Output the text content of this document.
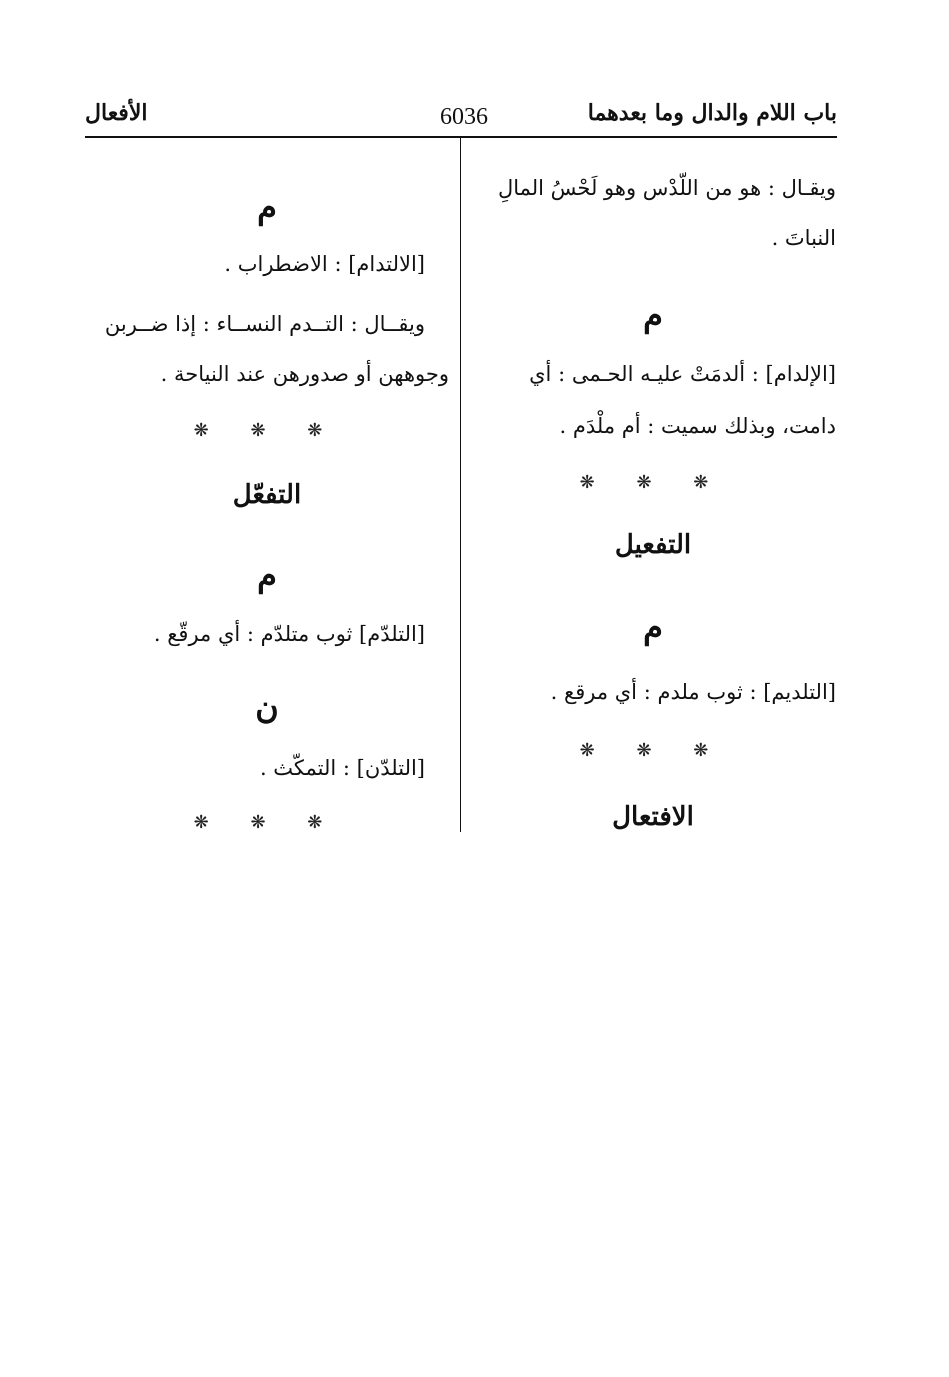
باب اللام والدال وما بعدهما
6036
الأفعال
ويقـال : هو من اللّدْس وهو لَحْسُ المالِ
النباتَ .
م
[الإلدام] : ألدمَتْ عليـه الحـمى : أي
دامت، وبذلك سميت : أم ملْدَم .
❋ ❋ ❋
التفعيل
م
[التلديم] : ثوب ملدم : أي مرقع .
❋ ❋ ❋
الافتعال
م
[الالتدام] : الاضطراب .
ويقــال : التــدم النســاء : إذا ضــربن
وجوههن أو صدورهن عند النياحة .
❋ ❋ ❋
التفعّل
م
[التلدّم] ثوب متلدّم : أي مرقّع .
ن
[التلدّن] : التمكّث .
❋ ❋ ❋
